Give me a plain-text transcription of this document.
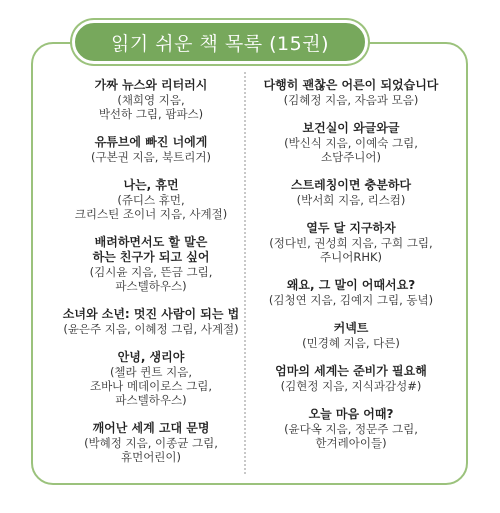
읽기 쉬운 책 목록 (15권)
가짜 뉴스와 리터러시
(채희영 지음,
박선하 그림, 팜파스)
유튜브에 빠진 너에게
(구본권 지음, 북트리거)
나는, 휴먼
(쥬디스 휴먼,
크리스틴 조이너 지음, 사계절)
배려하면서도 할 말은
하는 친구가 되고 싶어
(김시윤 지음, 뜬금 그림,
파스텔하우스)
소녀와 소년: 멋진 사람이 되는 법
(윤은주 지음, 이혜정 그림, 사계절)
안녕, 생리야
(첼라 퀸트 지음,
조바나 메데이로스 그림,
파스텔하우스)
깨어난 세계 고대 문명
(박혜정 지음, 이종균 그림,
휴먼어린이)
다행히 괜찮은 어른이 되었습니다
(김혜정 지음, 자음과 모음)
보건실이 와글와글
(박신식 지음, 이예숙 그림,
소담주니어)
스트레칭이면 충분하다
(박서희 지음, 리스컴)
열두 달 지구하자
(정다빈, 권성희 지음, 구희 그림,
주니어RHK)
왜요, 그 말이 어때서요?
(김청연 지음, 김예지 그림, 동녘)
커넥트
(민경혜 지음, 다른)
엄마의 세계는 준비가 필요해
(김현정 지음, 지식과감성#)
오늘 마음 어때?
(윤다옥 지음, 정문주 그림,
한겨레아이들)
